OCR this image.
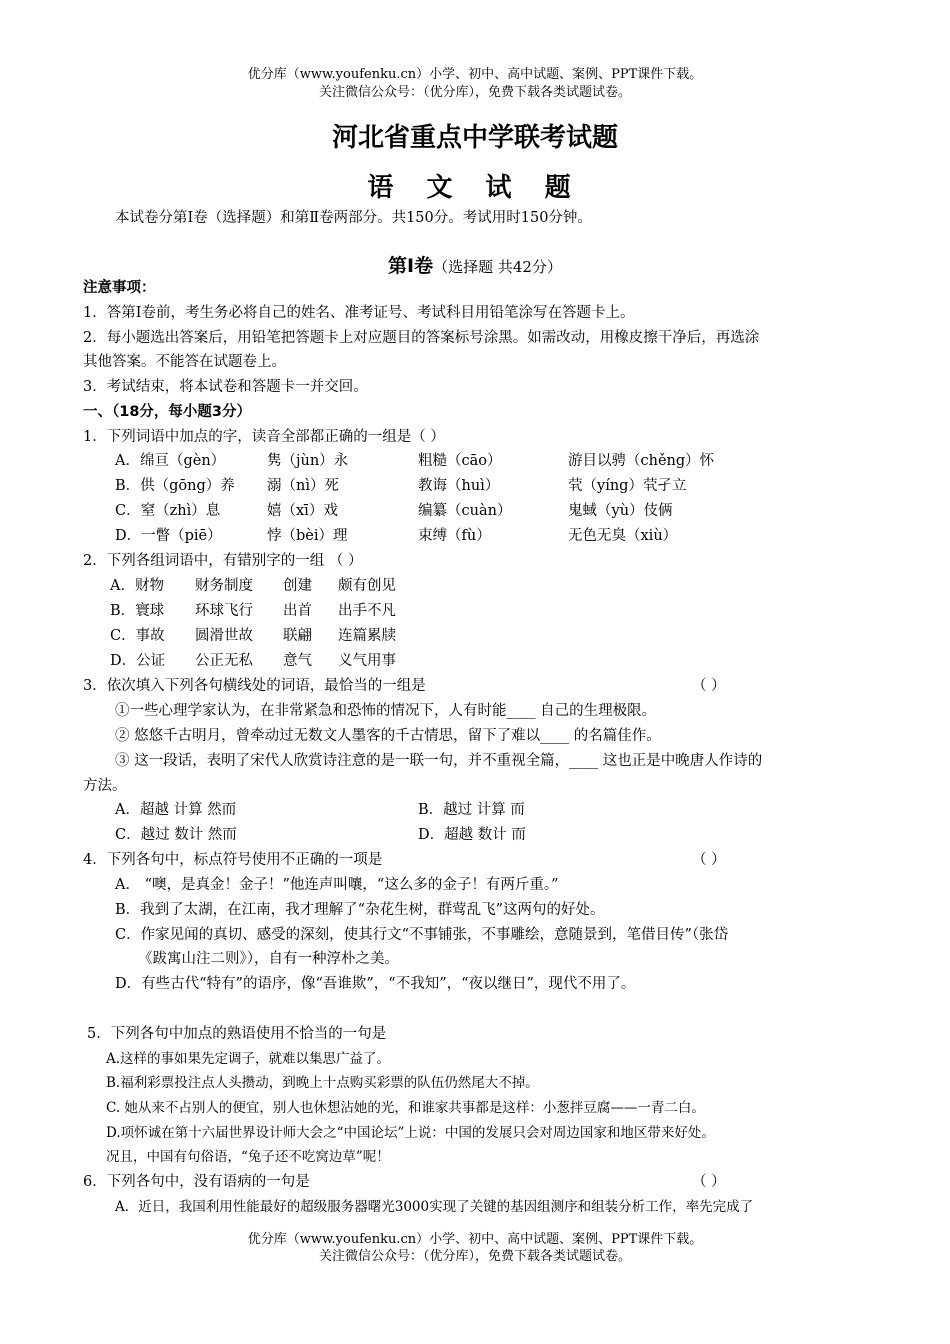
优分库（www.youfenku.cn）小学、初中、高中试题、案例、PPT课件下载。
关注微信公众号：（优分库），免费下载各类试题试卷。
河北省重点中学联考试题
语 文 试 题
本试卷分第Ⅰ卷（选择题）和第Ⅱ卷两部分。共150分。考试用时150分钟。
第Ⅰ卷（选择题 共42分）
注意事项：
1．答第Ⅰ卷前，考生务必将自己的姓名、准考证号、考试科目用铅笔涂写在答题卡上。
2．每小题选出答案后，用铅笔把答题卡上对应题目的答案标号涂黑。如需改动，用橡皮擦干净后，再选涂
其他答案。不能答在试题卷上。
3．考试结束，将本试卷和答题卡一并交回。
一、（18分，每小题3分）
1．下列词语中加点的字，读音全部都正确的一组是（ ）
A．绵亘（gèn）	隽（jùn）永	粗糙（cāo）	游目以骋（chěng）怀
B．供（gōng）养 溺（nì）死	教诲（huì）	茕（yíng）茕孑立
C．窒（zhì）息	嬉（xī）戏	编纂（cuàn）	鬼蜮（yù）伎俩
D．一瞥（piē）	悖（bèi）理	束缚（fù）	无色无臭（xiù）
2．下列各组词语中，有错别字的一组 （ ）
A．财物 财务制度 创建 颇有创见
B．寰球 环球飞行 出首 出手不凡
C．事故 圆滑世故 联翩 连篇累牍
D．公证 公正无私 意气 义气用事
3．依次填入下列各句横线处的词语，最恰当的一组是	（ ）
①一些心理学家认为，在非常紧急和恐怖的情况下，人有时能____ 自己的生理极限。
② 悠悠千古明月，曾牵动过无数文人墨客的千古情思，留下了难以____ 的名篇佳作。
③ 这一段话，表明了宋代人欣赏诗注意的是一联一句，并不重视全篇，____ 这也正是中晚唐人作诗的
方法。
A．超越 计算 然而	B．越过 计算 而
C．越过 数计 然而	D．超越 数计 而
4．下列各句中，标点符号使用不正确的一项是	（ ）
A． “噢，是真金！金子！”他连声叫嚷，“这么多的金子！有两斤重。”
B．我到了太湖，在江南，我才理解了“杂花生树，群莺乱飞”这两句的好处。
C．作家见闻的真切、感受的深刻，使其行文“不事铺张，不事雕绘，意随景到，笔借目传”（张岱
《跋寓山注二则》），自有一种淳朴之美。
D．有些古代“特有”的语序，像“吾谁欺”，“不我知”，“夜以继日”，现代不用了。
5．下列各句中加点的熟语使用不恰当的一句是
A.这样的事如果先定调子，就难以集思广益了。
B.福利彩票投注点人头攒动，到晚上十点购买彩票的队伍仍然尾大不掉。
C. 她从来不占别人的便宜，别人也休想沾她的光，和谁家共事都是这样：小葱拌豆腐——一青二白。
D.项怀诚在第十六届世界设计师大会之“中国论坛”上说：中国的发展只会对周边国家和地区带来好处。
况且，中国有句俗语，“兔子还不吃窝边草”呢！
6．下列各句中，没有语病的一句是	（ ）
A．近日，我国利用性能最好的超级服务器曙光3000实现了关键的基因组测序和组装分析工作，率先完成了
优分库（www.youfenku.cn）小学、初中、高中试题、案例、PPT课件下载。
关注微信公众号：（优分库），免费下载各类试题试卷。
